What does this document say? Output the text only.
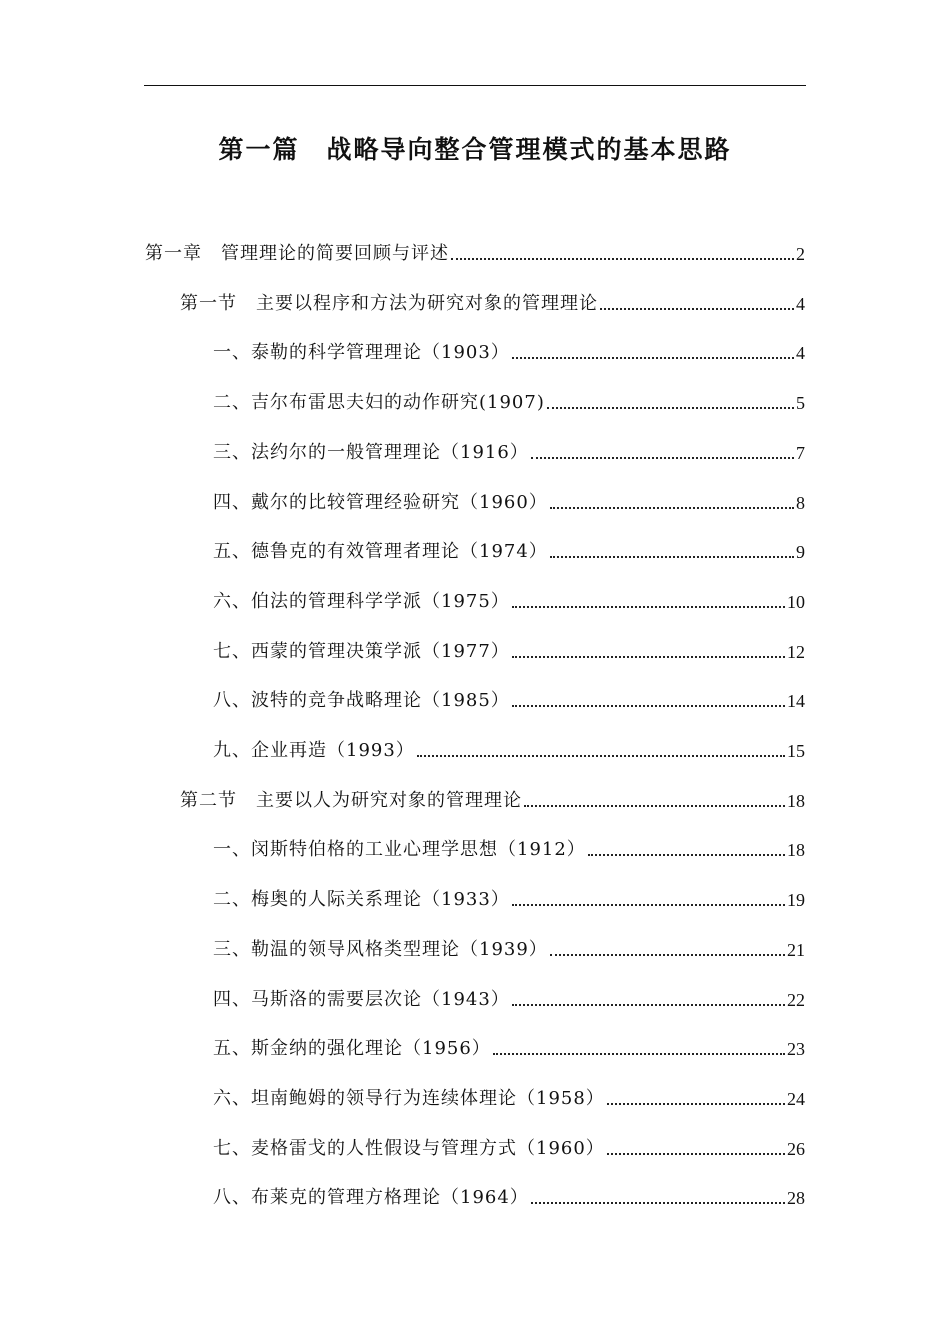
第一篇　战略导向整合管理模式的基本思路
第一章　管理理论的简要回顾与评述	2
第一节　主要以程序和方法为研究对象的管理理论	4
一、泰勒的科学管理理论（1903）	4
二、吉尔布雷思夫妇的动作研究(1907)	5
三、法约尔的一般管理理论（1916）	7
四、戴尔的比较管理经验研究（1960）	8
五、德鲁克的有效管理者理论（1974）	9
六、伯法的管理科学学派（1975）	10
七、西蒙的管理决策学派（1977）	12
八、波特的竞争战略理论（1985）	14
九、企业再造（1993）	15
第二节　主要以人为研究对象的管理理论	18
一、闵斯特伯格的工业心理学思想（1912）	18
二、梅奥的人际关系理论（1933）	19
三、勒温的领导风格类型理论（1939）	21
四、马斯洛的需要层次论（1943）	22
五、斯金纳的强化理论（1956）	23
六、坦南鲍姆的领导行为连续体理论（1958）	24
七、麦格雷戈的人性假设与管理方式（1960）	26
八、布莱克的管理方格理论（1964）	28
